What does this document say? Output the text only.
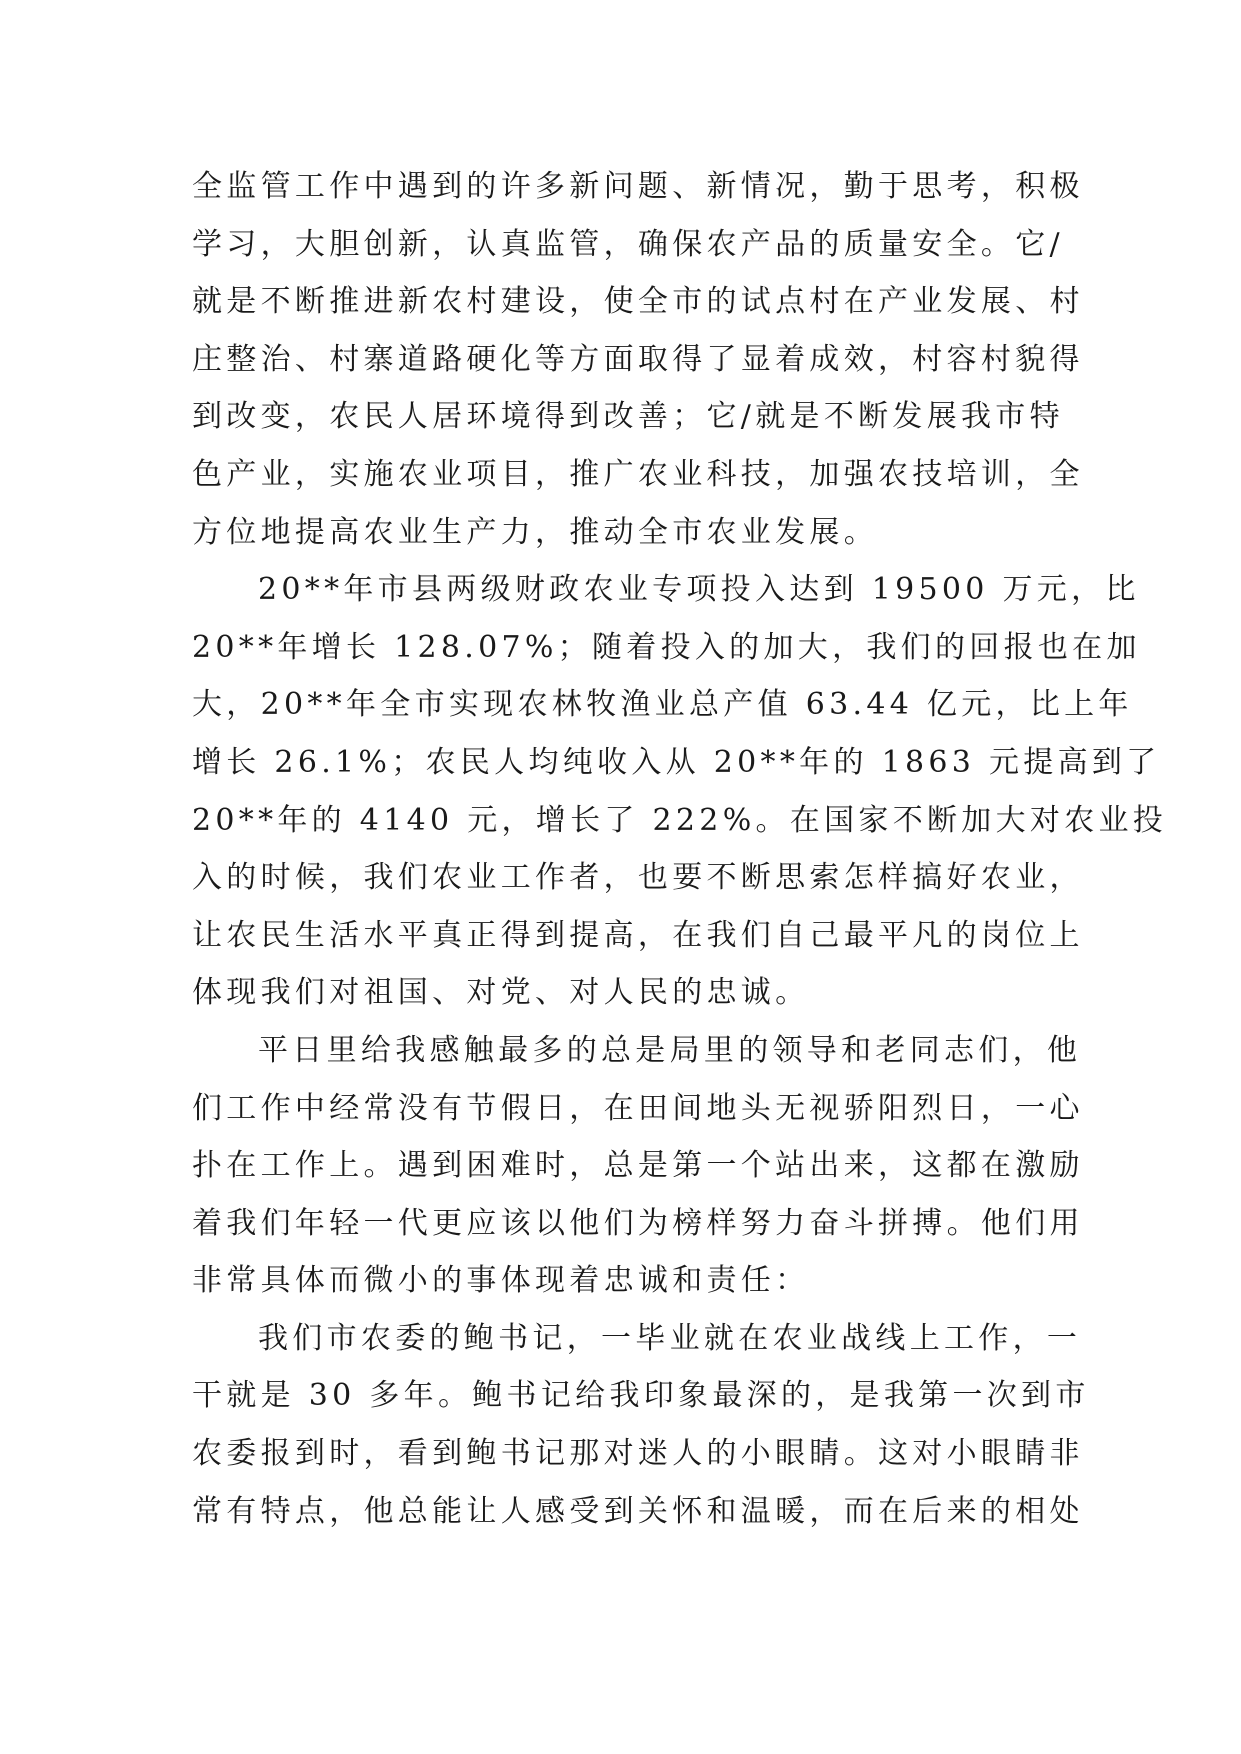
全监管工作中遇到的许多新问题、新情况，勤于思考，积极
学习，大胆创新，认真监管，确保农产品的质量安全。它/
就是不断推进新农村建设，使全市的试点村在产业发展、村
庄整治、村寨道路硬化等方面取得了显着成效，村容村貌得
到改变，农民人居环境得到改善；它/就是不断发展我市特
色产业，实施农业项目，推广农业科技，加强农技培训，全
方位地提高农业生产力，推动全市农业发展。
20**年市县两级财政农业专项投入达到 19500 万元，比
20**年增长 128.07%；随着投入的加大，我们的回报也在加
大，20**年全市实现农林牧渔业总产值 63.44 亿元，比上年
增长 26.1%；农民人均纯收入从 20**年的 1863 元提高到了
20**年的 4140 元，增长了 222%。在国家不断加大对农业投
入的时候，我们农业工作者，也要不断思索怎样搞好农业，
让农民生活水平真正得到提高，在我们自己最平凡的岗位上
体现我们对祖国、对党、对人民的忠诚。
平日里给我感触最多的总是局里的领导和老同志们，他
们工作中经常没有节假日，在田间地头无视骄阳烈日，一心
扑在工作上。遇到困难时，总是第一个站出来，这都在激励
着我们年轻一代更应该以他们为榜样努力奋斗拼搏。他们用
非常具体而微小的事体现着忠诚和责任：
我们市农委的鲍书记，一毕业就在农业战线上工作，一
干就是 30 多年。鲍书记给我印象最深的，是我第一次到市
农委报到时，看到鲍书记那对迷人的小眼睛。这对小眼睛非
常有特点，他总能让人感受到关怀和温暖，而在后来的相处
